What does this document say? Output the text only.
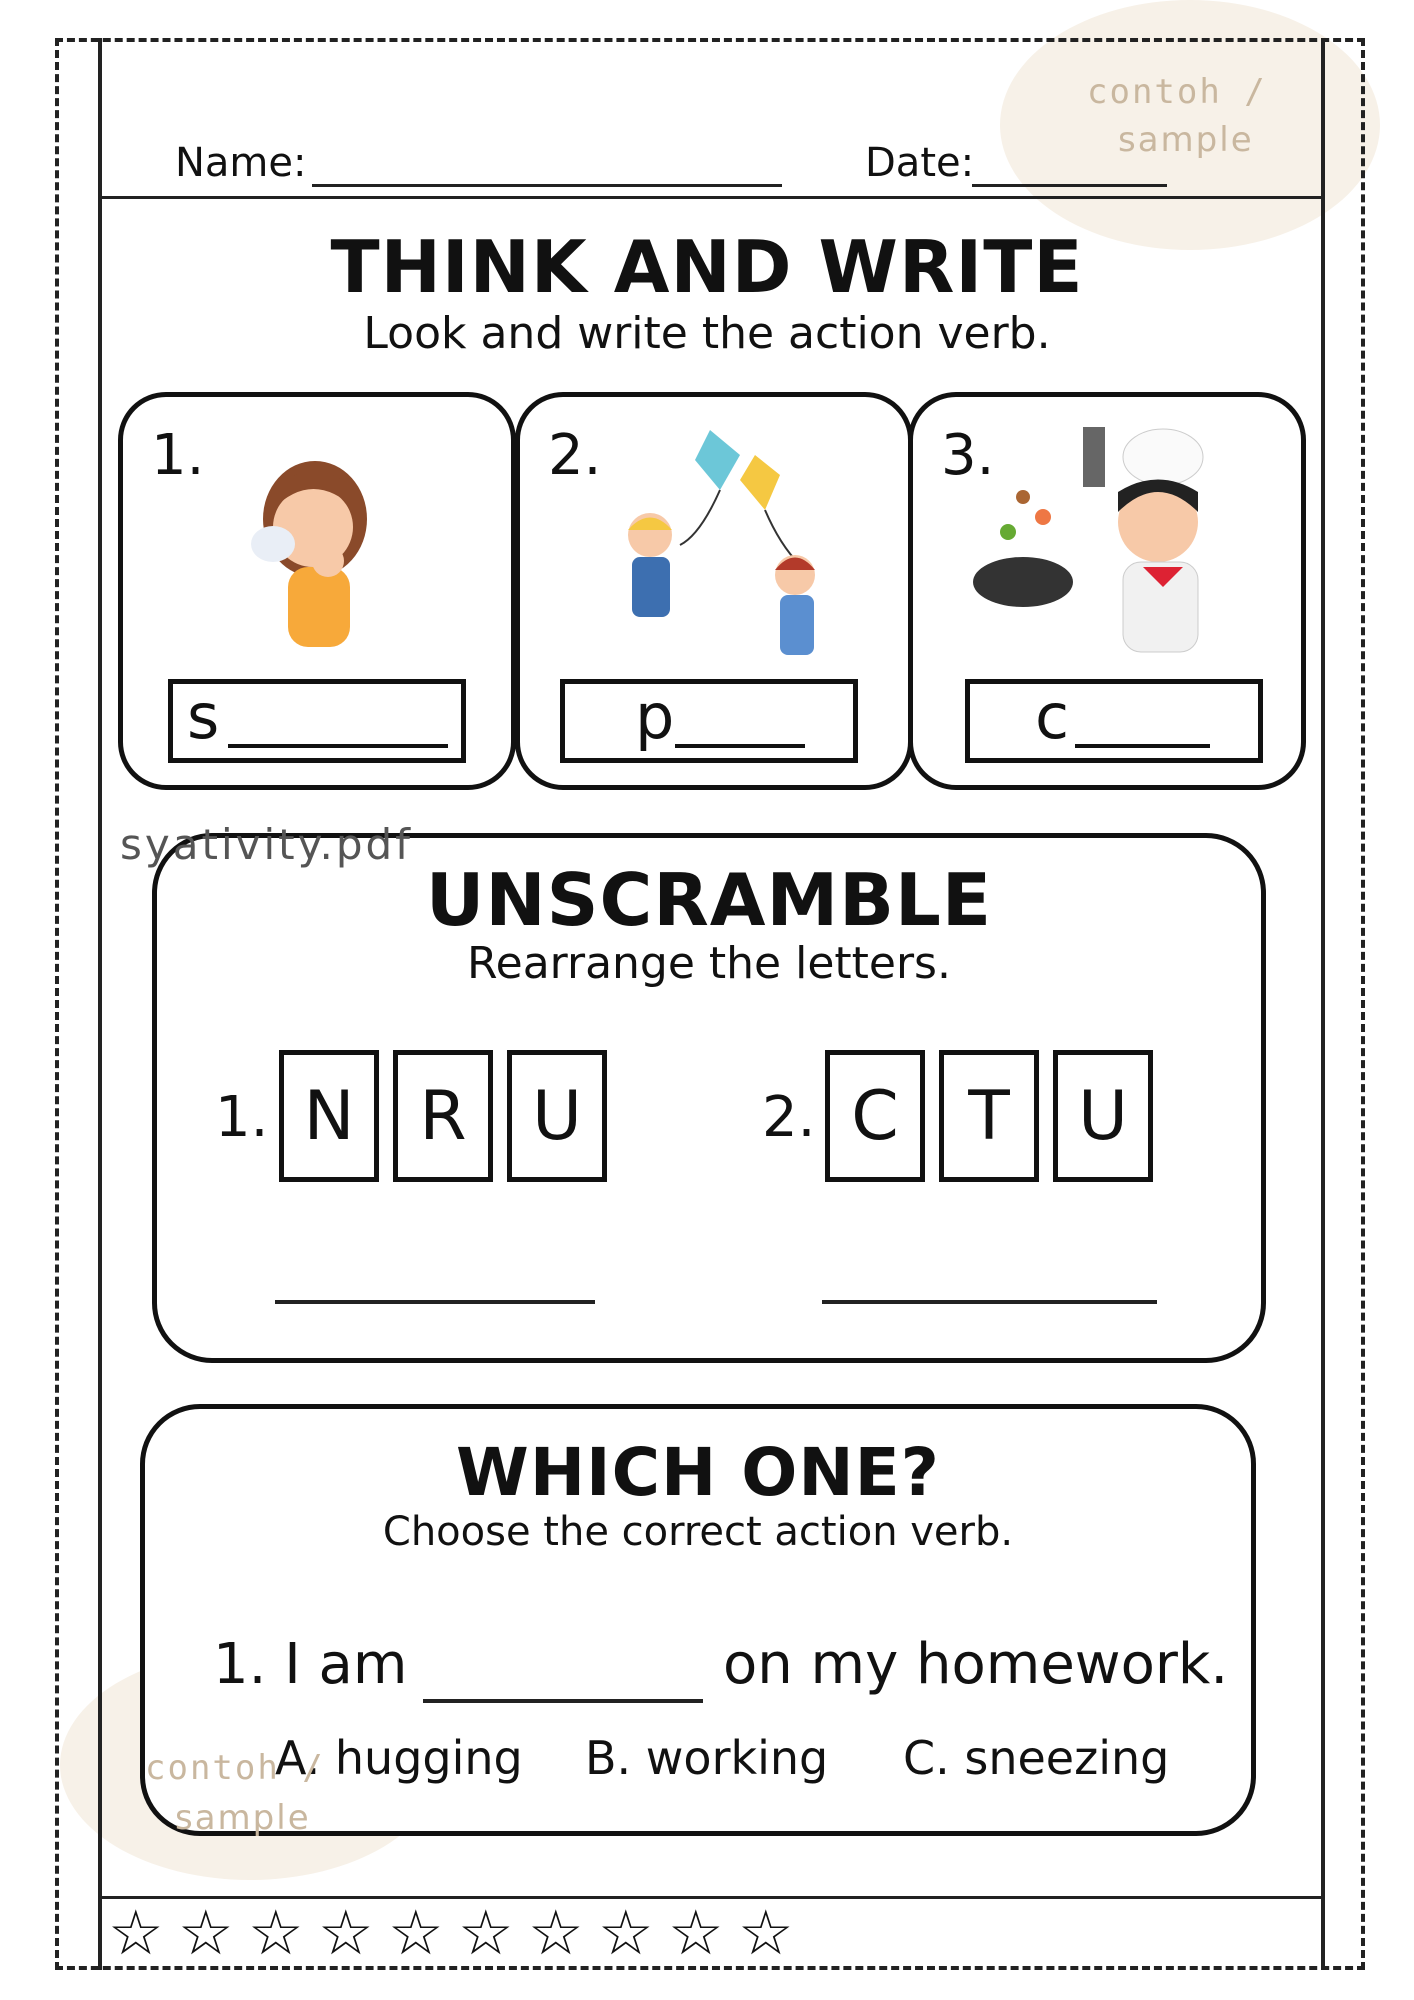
Name:	Date:
contoh /
sample
THINK AND WRITE
Look and write the action verb.
1.
s
2.
p
3.
c
syativity.pdf
UNSCRAMBLE
Rearrange the letters.
1. N R U	2. C	T	U
WHICH ONE?
Choose the correct action verb.
1. I am	on my homework.
A. hugging B. working C. sneezing
contoh /
sample
☆ ☆ ☆ ☆ ☆ ☆ ☆ ☆ ☆ ☆
